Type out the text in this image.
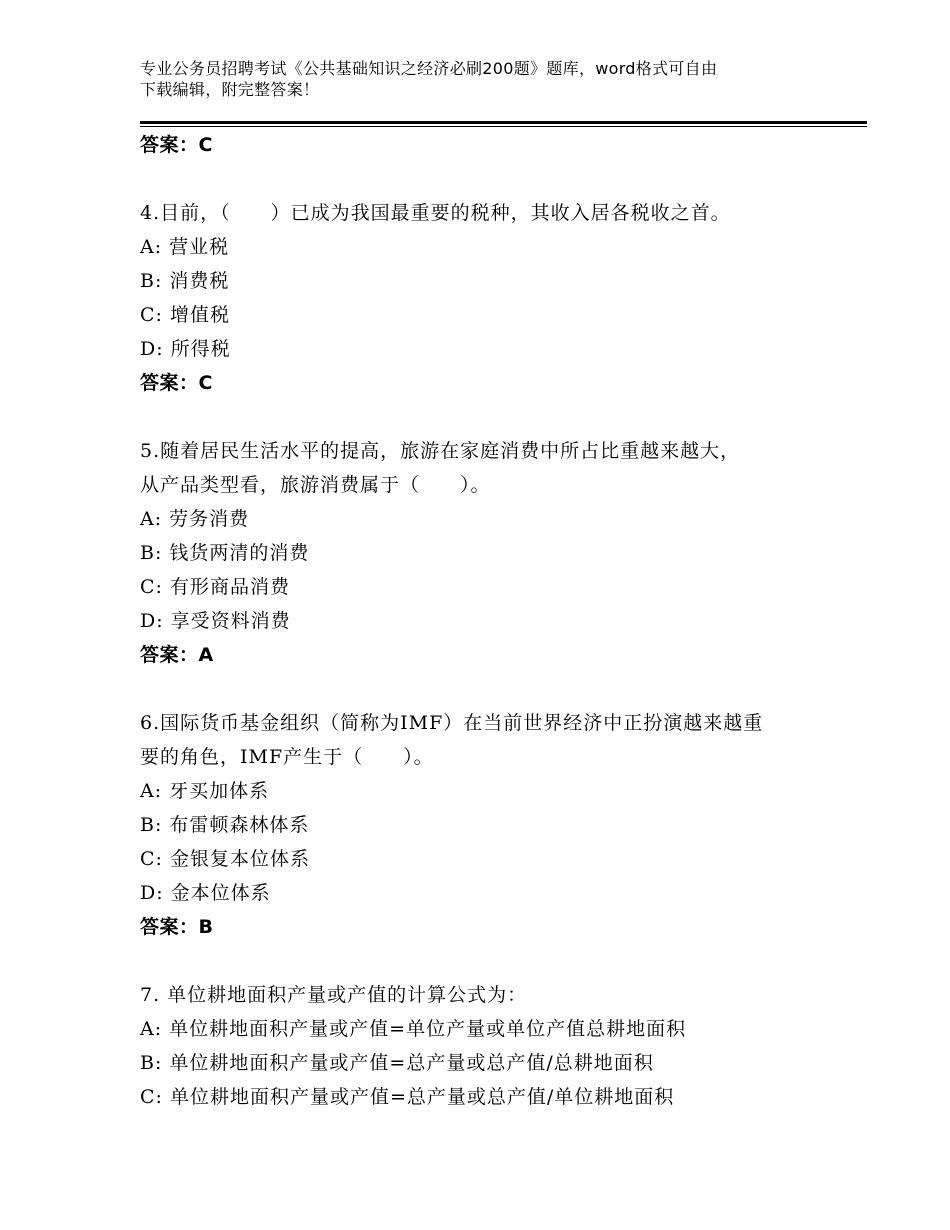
专业公务员招聘考试《公共基础知识之经济必刷200题》题库，word格式可自由
下载编辑，附完整答案！
答案：C
4.目前，（　　）已成为我国最重要的税种，其收入居各税收之首。
A: 营业税
B: 消费税
C: 增值税
D: 所得税
答案：C
5.随着居民生活水平的提高，旅游在家庭消费中所占比重越来越大，
从产品类型看，旅游消费属于（　　）。
A: 劳务消费
B: 钱货两清的消费
C: 有形商品消费
D: 享受资料消费
答案：A
6.国际货币基金组织（简称为IMF）在当前世界经济中正扮演越来越重
要的角色，IMF产生于（　　）。
A: 牙买加体系
B: 布雷顿森林体系
C: 金银复本位体系
D: 金本位体系
答案：B
7. 单位耕地面积产量或产值的计算公式为：
A: 单位耕地面积产量或产值=单位产量或单位产值总耕地面积
B: 单位耕地面积产量或产值=总产量或总产值/总耕地面积
C: 单位耕地面积产量或产值=总产量或总产值/单位耕地面积
